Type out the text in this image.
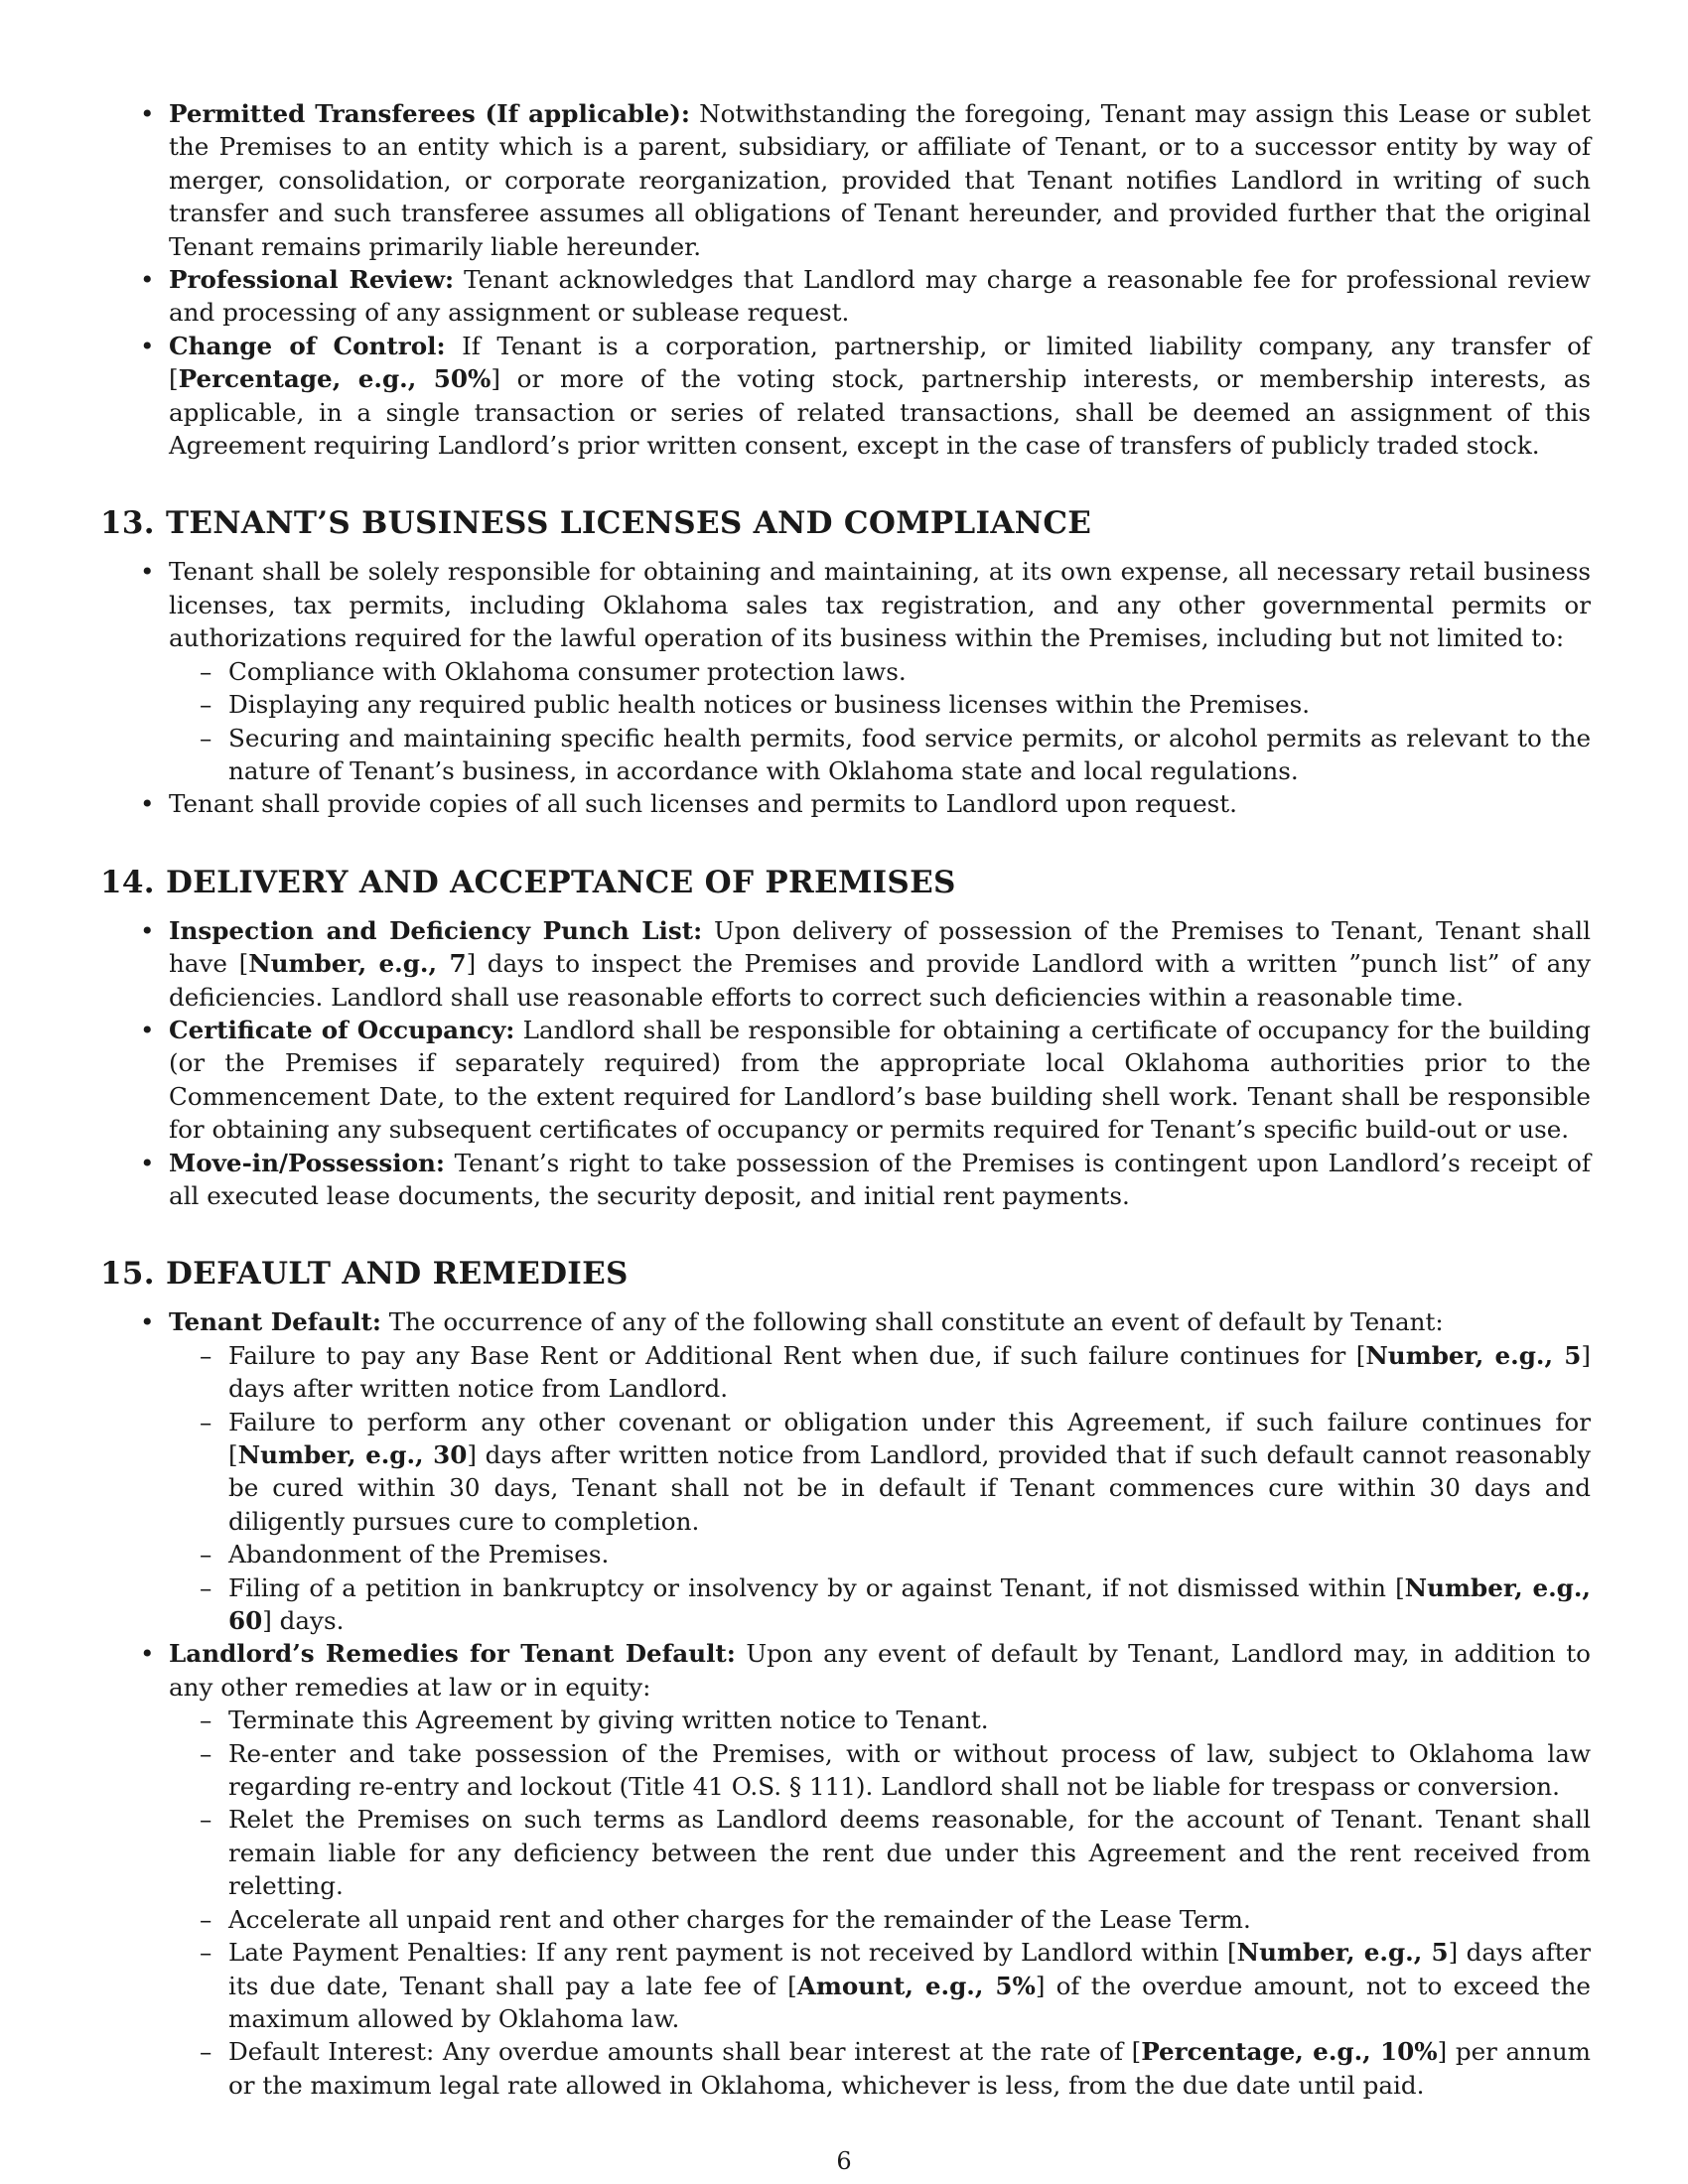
• Permitted Transferees (If applicable): Notwithstanding the foregoing, Tenant may assign this Lease or sublet the Premises to an entity which is a parent, subsidiary, or affiliate of Tenant, or to a successor entity by way of merger, consolidation, or corporate reorganization, provided that Tenant notifies Landlord in writing of such transfer and such transferee assumes all obligations of Tenant hereunder, and provided further that the original Tenant remains primarily liable hereunder.
• Professional Review: Tenant acknowledges that Landlord may charge a reasonable fee for professional review and processing of any assignment or sublease request.
• Change of Control: If Tenant is a corporation, partnership, or limited liability company, any transfer of [Percentage, e.g., 50%] or more of the voting stock, partnership interests, or membership interests, as applicable, in a single transaction or series of related transactions, shall be deemed an assignment of this Agreement requiring Landlord’s prior written consent, except in the case of transfers of publicly traded stock.
13. TENANT’S BUSINESS LICENSES AND COMPLIANCE
• Tenant shall be solely responsible for obtaining and maintaining, at its own expense, all necessary retail business licenses, tax permits, including Oklahoma sales tax registration, and any other governmental permits or authorizations required for the lawful operation of its business within the Premises, including but not limited to:
– Compliance with Oklahoma consumer protection laws.
– Displaying any required public health notices or business licenses within the Premises.
– Securing and maintaining specific health permits, food service permits, or alcohol permits as relevant to the nature of Tenant’s business, in accordance with Oklahoma state and local regulations.
• Tenant shall provide copies of all such licenses and permits to Landlord upon request.
14. DELIVERY AND ACCEPTANCE OF PREMISES
• Inspection and Deficiency Punch List: Upon delivery of possession of the Premises to Tenant, Tenant shall have [Number, e.g., 7] days to inspect the Premises and provide Landlord with a written ”punch list” of any deficiencies. Landlord shall use reasonable efforts to correct such deficiencies within a reasonable time.
• Certificate of Occupancy: Landlord shall be responsible for obtaining a certificate of occupancy for the building (or the Premises if separately required) from the appropriate local Oklahoma authorities prior to the Commencement Date, to the extent required for Landlord’s base building shell work. Tenant shall be responsible for obtaining any subsequent certificates of occupancy or permits required for Tenant’s specific build-out or use.
• Move-in/Possession: Tenant’s right to take possession of the Premises is contingent upon Landlord’s receipt of all executed lease documents, the security deposit, and initial rent payments.
15. DEFAULT AND REMEDIES
• Tenant Default: The occurrence of any of the following shall constitute an event of default by Tenant:
– Failure to pay any Base Rent or Additional Rent when due, if such failure continues for [Number, e.g., 5] days after written notice from Landlord.
– Failure to perform any other covenant or obligation under this Agreement, if such failure continues for [Number, e.g., 30] days after written notice from Landlord, provided that if such default cannot reasonably be cured within 30 days, Tenant shall not be in default if Tenant commences cure within 30 days and diligently pursues cure to completion.
– Abandonment of the Premises.
– Filing of a petition in bankruptcy or insolvency by or against Tenant, if not dismissed within [Number, e.g., 60] days.
• Landlord’s Remedies for Tenant Default: Upon any event of default by Tenant, Landlord may, in addition to any other remedies at law or in equity:
– Terminate this Agreement by giving written notice to Tenant.
– Re-enter and take possession of the Premises, with or without process of law, subject to Oklahoma law regarding re-entry and lockout (Title 41 O.S. § 111). Landlord shall not be liable for trespass or conversion.
– Relet the Premises on such terms as Landlord deems reasonable, for the account of Tenant. Tenant shall remain liable for any deficiency between the rent due under this Agreement and the rent received from reletting.
– Accelerate all unpaid rent and other charges for the remainder of the Lease Term.
– Late Payment Penalties: If any rent payment is not received by Landlord within [Number, e.g., 5] days after its due date, Tenant shall pay a late fee of [Amount, e.g., 5%] of the overdue amount, not to exceed the maximum allowed by Oklahoma law.
– Default Interest: Any overdue amounts shall bear interest at the rate of [Percentage, e.g., 10%] per annum or the maximum legal rate allowed in Oklahoma, whichever is less, from the due date until paid.
6
